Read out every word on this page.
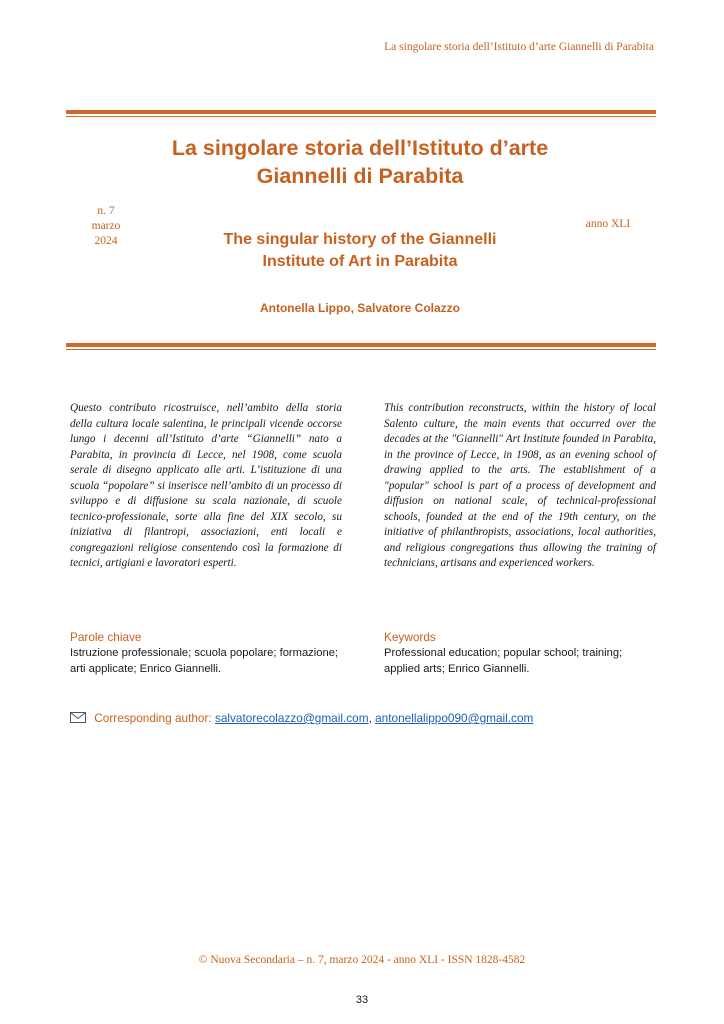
La singolare storia dell’Istituto d’arte Giannelli di Parabita
La singolare storia dell’Istituto d’arte
Giannelli di Parabita
n. 7
marzo
2024
anno XLI
The singular history of the Giannelli
Institute of Art in Parabita
Antonella Lippo, Salvatore Colazzo
Questo contributo ricostruisce, nell’ambito della storia della cultura locale salentina, le principali vicende occorse lungo i decenni all’Istituto d’arte “Giannelli” nato a Parabita, in provincia di Lecce, nel 1908, come scuola serale di disegno applicato alle arti. L’istituzione di una scuola “popolare” si inserisce nell’ambito di un processo di sviluppo e di diffusione su scala nazionale, di scuole tecnico-professionale, sorte alla fine del XIX secolo, su iniziativa di filantropi, associazioni, enti locali e congregazioni religiose consentendo così la formazione di tecnici, artigiani e lavoratori esperti.
This contribution reconstructs, within the history of local Salento culture, the main events that occurred over the decades at the "Giannelli" Art Institute founded in Parabita, in the province of Lecce, in 1908, as an evening school of drawing applied to the arts. The establishment of a "popular" school is part of a process of development and diffusion on national scale, of technical-professional schools, founded at the end of the 19th century, on the initiative of philanthropists, associations, local authorities, and religious congregations thus allowing the training of technicians, artisans and experienced workers.
Parole chiave
Istruzione professionale; scuola popolare; formazione; arti applicate; Enrico Giannelli.
Keywords
Professional education; popular school; training; applied arts; Enrico Giannelli.
Corresponding author: salvatorecolazzo@gmail.com, antonellalippo090@gmail.com
© Nuova Secondaria – n. 7, marzo 2024 - anno XLI - ISSN 1828-4582
33
